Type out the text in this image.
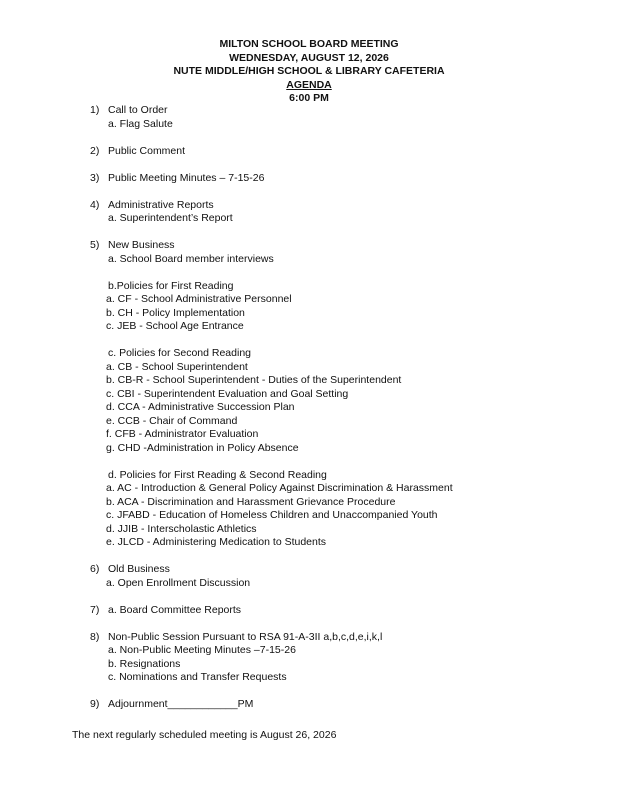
MILTON SCHOOL BOARD MEETING
WEDNESDAY, AUGUST 12, 2026
NUTE MIDDLE/HIGH SCHOOL & LIBRARY CAFETERIA
AGENDA
6:00 PM
1) Call to Order
a. Flag Salute
2) Public Comment
3) Public Meeting Minutes – 7-15-26
4) Administrative Reports
a. Superintendent’s Report
5) New Business
a. School Board member interviews
b.Policies for First Reading
a. CF - School Administrative Personnel
b. CH - Policy Implementation
c. JEB - School Age Entrance
c. Policies for Second Reading
a. CB - School Superintendent
b. CB-R - School Superintendent - Duties of the Superintendent
c. CBI - Superintendent Evaluation and Goal Setting
d. CCA - Administrative Succession Plan
e. CCB - Chair of Command
f. CFB - Administrator Evaluation
g. CHD -Administration in Policy Absence
d. Policies for First Reading & Second Reading
a. AC - Introduction & General Policy Against Discrimination & Harassment
b. ACA - Discrimination and Harassment Grievance Procedure
c. JFABD - Education of Homeless Children and Unaccompanied Youth
d. JJIB - Interscholastic Athletics
e. JLCD - Administering Medication to Students
6) Old Business
a. Open Enrollment Discussion
7) a. Board Committee Reports
8) Non-Public Session Pursuant to RSA 91-A-3II a,b,c,d,e,i,k,l
a. Non-Public Meeting Minutes –7-15-26
b. Resignations
c. Nominations and Transfer Requests
9) Adjournment____________PM
The next regularly scheduled meeting is August 26, 2026
